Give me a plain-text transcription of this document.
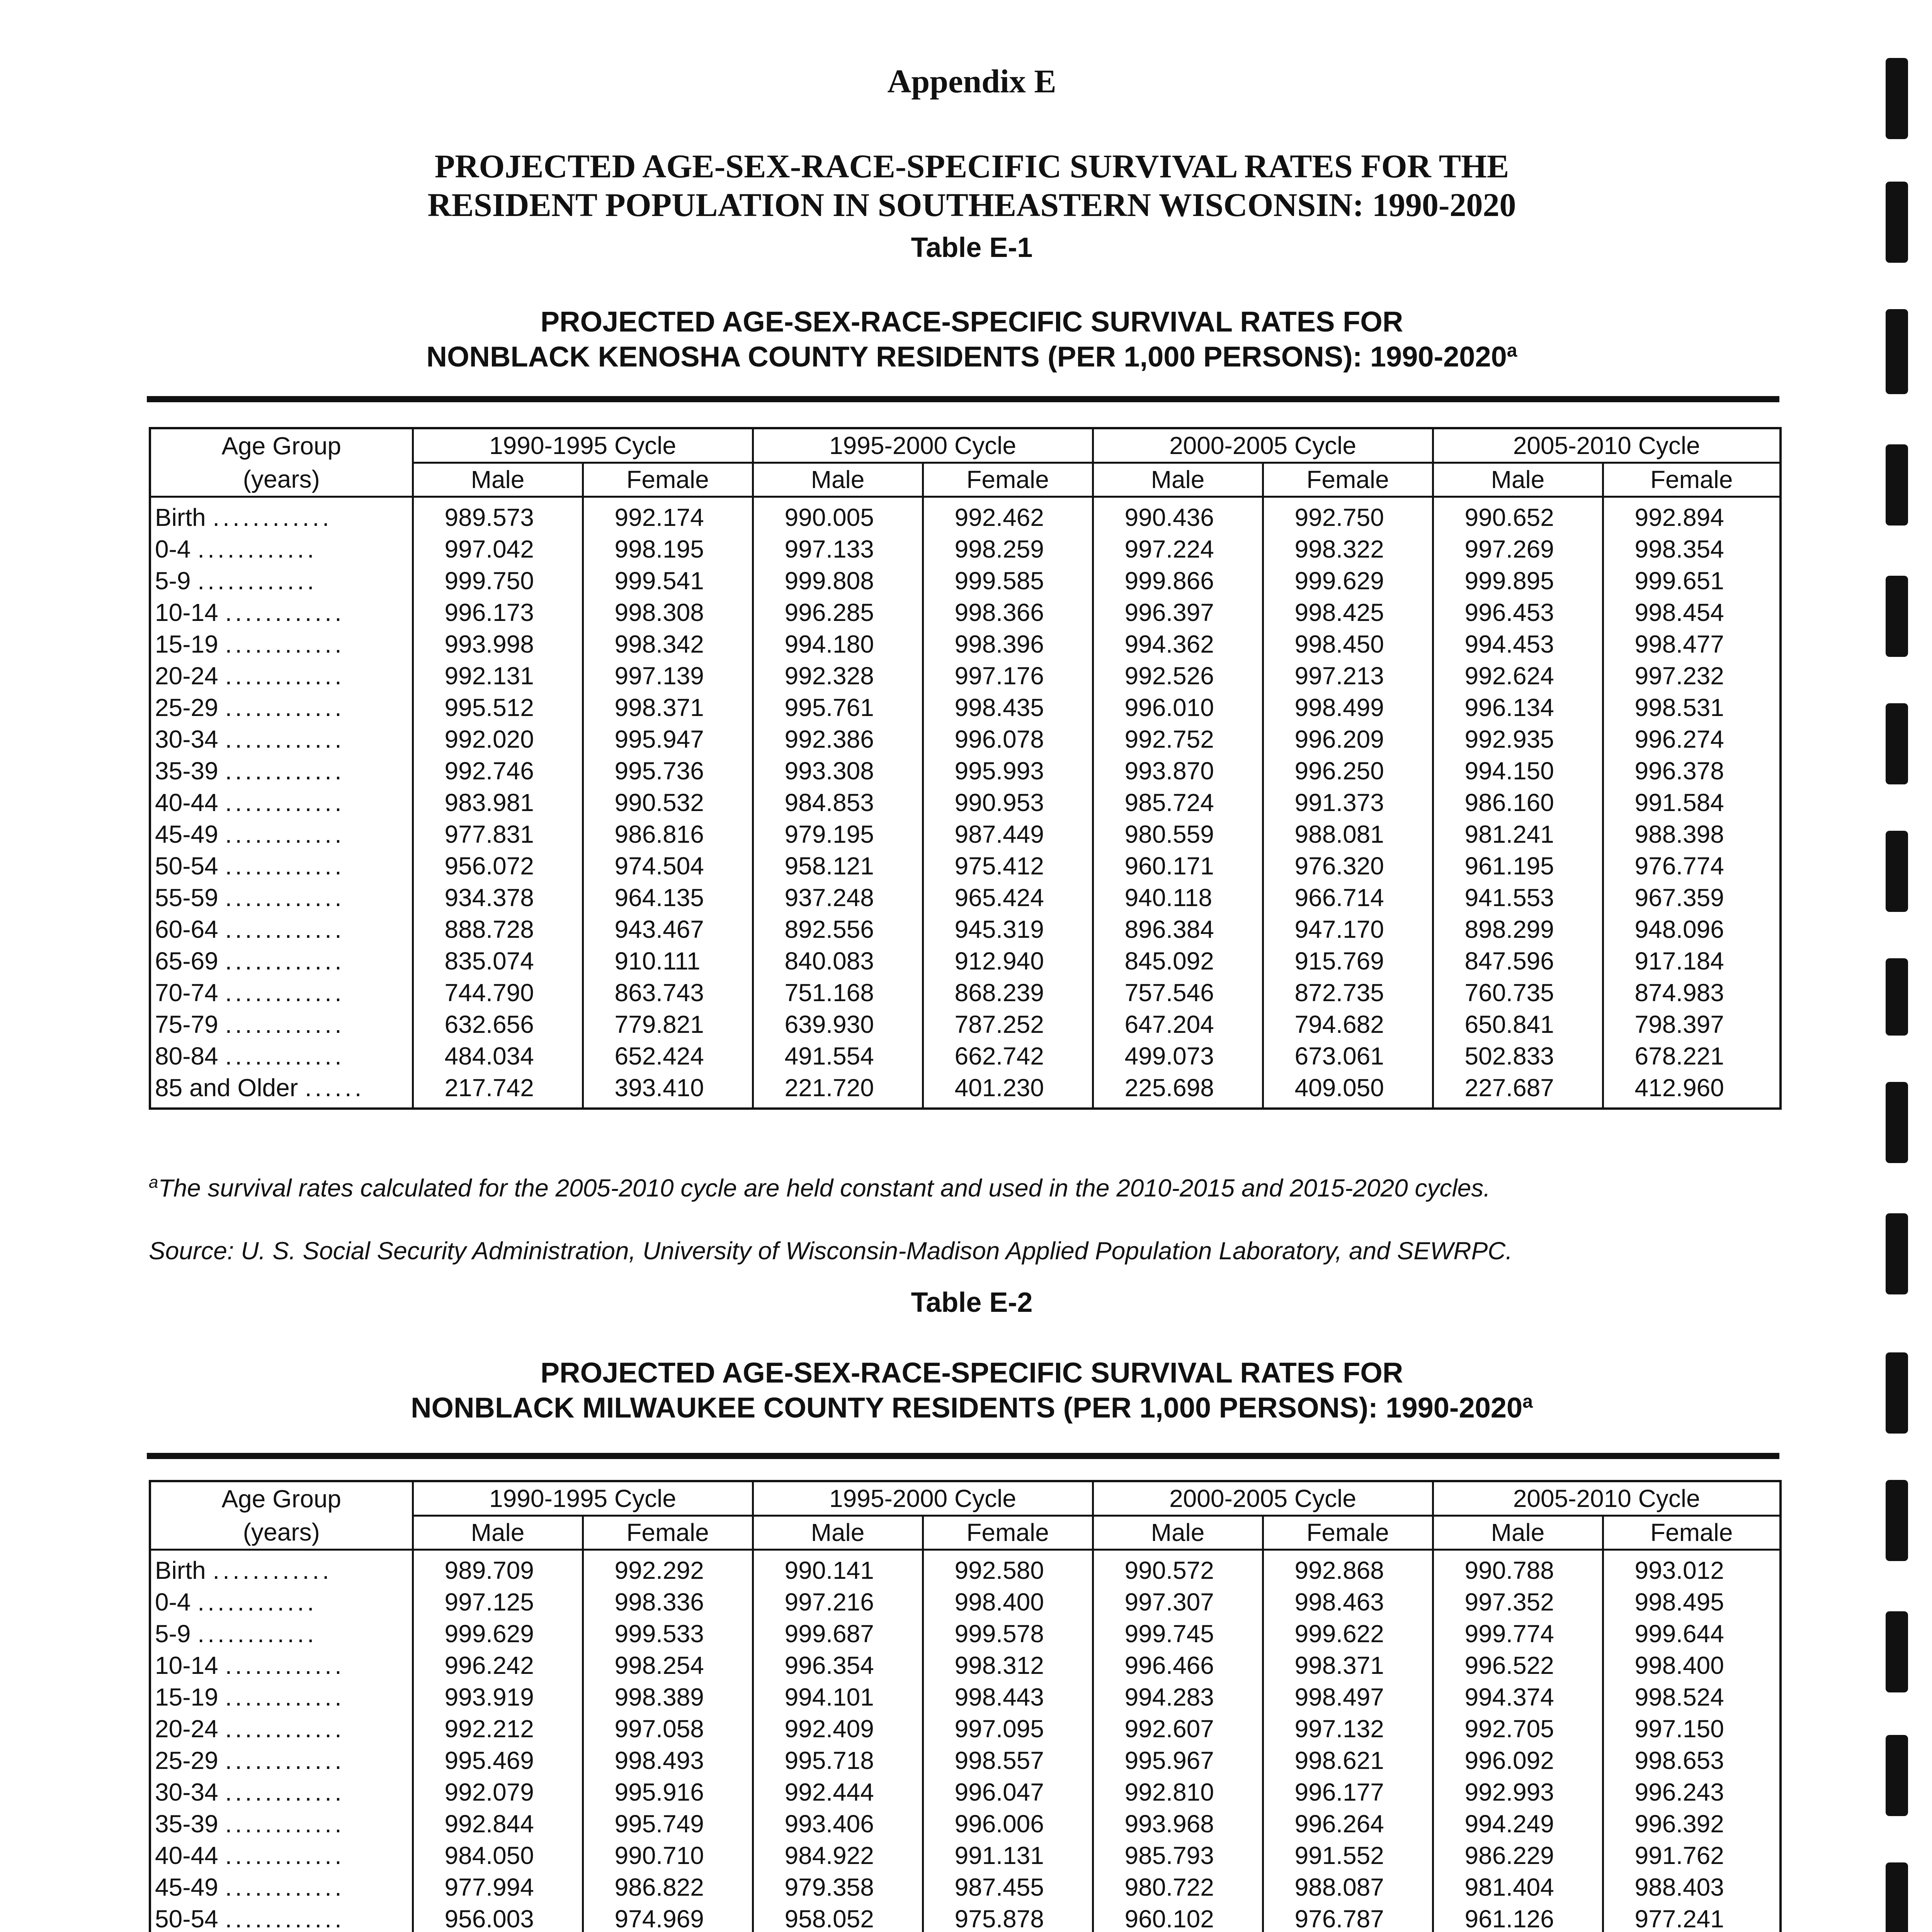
Appendix E
PROJECTED AGE-SEX-RACE-SPECIFIC SURVIVAL RATES FOR THE
RESIDENT POPULATION IN SOUTHEASTERN WISCONSIN: 1990-2020
Table E-1
PROJECTED AGE-SEX-RACE-SPECIFIC SURVIVAL RATES FOR
NONBLACK KENOSHA COUNTY RESIDENTS (PER 1,000 PERSONS): 1990-2020$^a$
Age Group
(years)	1990-1995 Cycle		1995-2000 Cycle		2000-2005 Cycle		2005-2010 Cycle	
	Male	Female	Male	Female	Male	Female	Male	Female
Birth ............	989.573	992.174	990.005	992.462	990.436	992.750	990.652	992.894
0-4 ............	997.042	998.195	997.133	998.259	997.224	998.322	997.269	998.354
5-9 ............	999.750	999.541	999.808	999.585	999.866	999.629	999.895	999.651
10-14 ............	996.173	998.308	996.285	998.366	996.397	998.425	996.453	998.454
15-19 ............	993.998	998.342	994.180	998.396	994.362	998.450	994.453	998.477
20-24 ............	992.131	997.139	992.328	997.176	992.526	997.213	992.624	997.232
25-29 ............	995.512	998.371	995.761	998.435	996.010	998.499	996.134	998.531
30-34 ............	992.020	995.947	992.386	996.078	992.752	996.209	992.935	996.274
35-39 ............	992.746	995.736	993.308	995.993	993.870	996.250	994.150	996.378
40-44 ............	983.981	990.532	984.853	990.953	985.724	991.373	986.160	991.584
45-49 ............	977.831	986.816	979.195	987.449	980.559	988.081	981.241	988.398
50-54 ............	956.072	974.504	958.121	975.412	960.171	976.320	961.195	976.774
55-59 ............	934.378	964.135	937.248	965.424	940.118	966.714	941.553	967.359
60-64 ............	888.728	943.467	892.556	945.319	896.384	947.170	898.299	948.096
65-69 ............	835.074	910.111	840.083	912.940	845.092	915.769	847.596	917.184
70-74 ............	744.790	863.743	751.168	868.239	757.546	872.735	760.735	874.983
75-79 ............	632.656	779.821	639.930	787.252	647.204	794.682	650.841	798.397
80-84 ............	484.034	652.424	491.554	662.742	499.073	673.061	502.833	678.221
85 and Older ......	217.742	393.410	221.720	401.230	225.698	409.050	227.687	412.960
$^a$The survival rates calculated for the 2005-2010 cycle are held constant and used in the 2010-2015 and 2015-2020 cycles.
Source: U. S. Social Security Administration, University of Wisconsin-Madison Applied Population Laboratory, and SEWRPC.
Table E-2
PROJECTED AGE-SEX-RACE-SPECIFIC SURVIVAL RATES FOR
NONBLACK MILWAUKEE COUNTY RESIDENTS (PER 1,000 PERSONS): 1990-2020$^a$
Age Group
(years)	1990-1995 Cycle		1995-2000 Cycle		2000-2005 Cycle		2005-2010 Cycle	
	Male	Female	Male	Female	Male	Female	Male	Female
Birth ............	989.709	992.292	990.141	992.580	990.572	992.868	990.788	993.012
0-4 ............	997.125	998.336	997.216	998.400	997.307	998.463	997.352	998.495
5-9 ............	999.629	999.533	999.687	999.578	999.745	999.622	999.774	999.644
10-14 ............	996.242	998.254	996.354	998.312	996.466	998.371	996.522	998.400
15-19 ............	993.919	998.389	994.101	998.443	994.283	998.497	994.374	998.524
20-24 ............	992.212	997.058	992.409	997.095	992.607	997.132	992.705	997.150
25-29 ............	995.469	998.493	995.718	998.557	995.967	998.621	996.092	998.653
30-34 ............	992.079	995.916	992.444	996.047	992.810	996.177	992.993	996.243
35-39 ............	992.844	995.749	993.406	996.006	993.968	996.264	994.249	996.392
40-44 ............	984.050	990.710	984.922	991.131	985.793	991.552	986.229	991.762
45-49 ............	977.994	986.822	979.358	987.455	980.722	988.087	981.404	988.403
50-54 ............	956.003	974.969	958.052	975.878	960.102	976.787	961.126	977.241
